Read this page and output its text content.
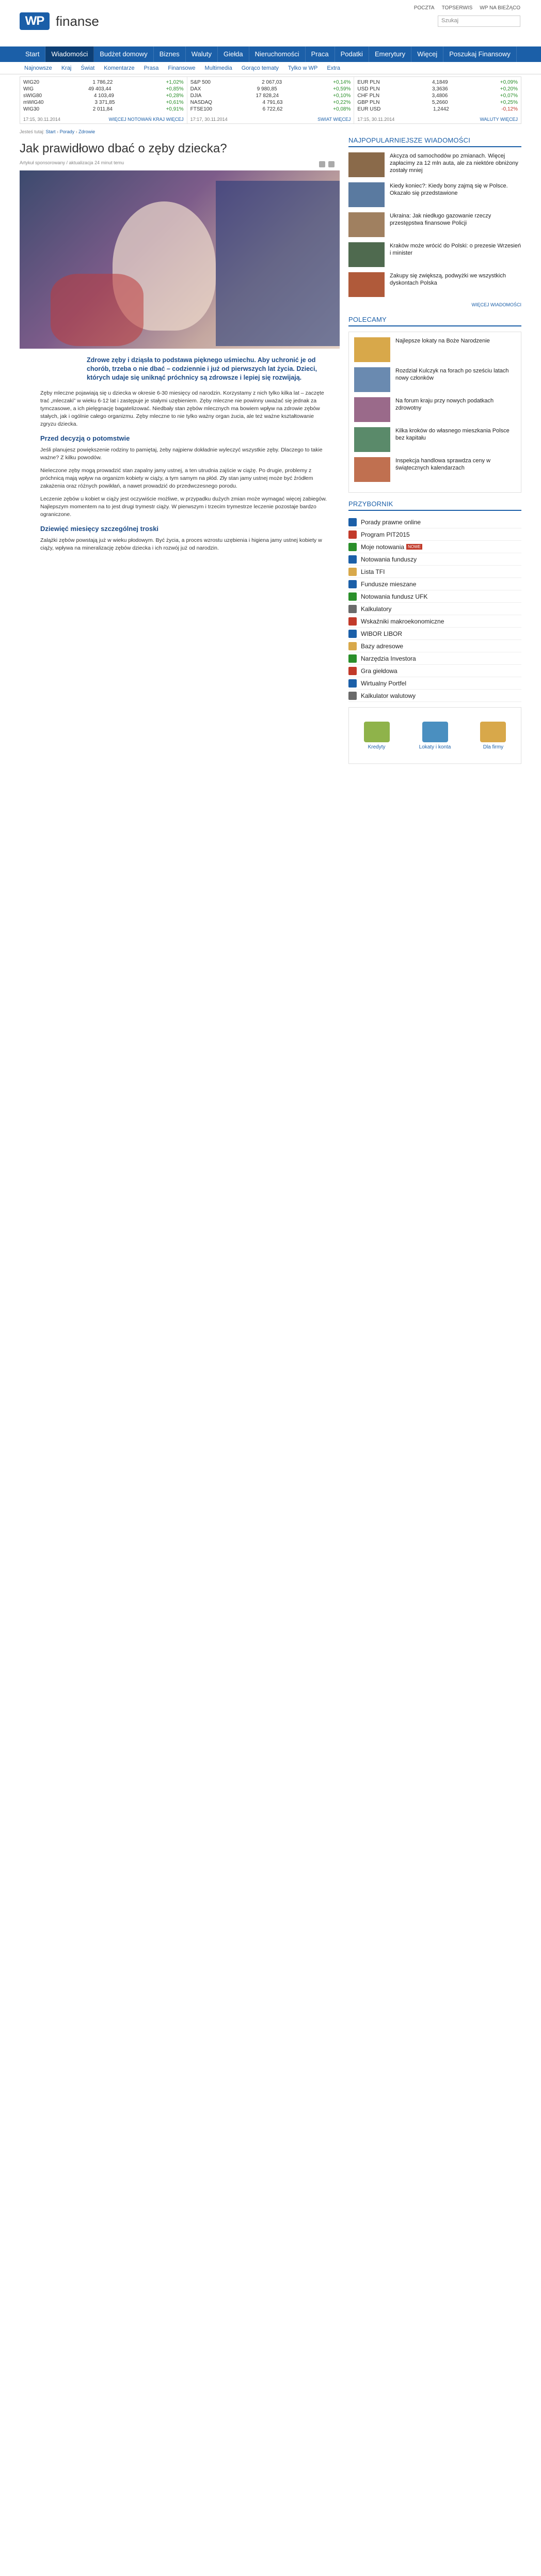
WP finanse
POCZTA TOPSERWIS WP NA BIEŻĄCO
Szukaj
Start	Wiadomości	Budżet domowy	Biznes	Waluty	Giełda	Nieruchomości	Praca	Podatki	Emerytury	Więcej	Poszukaj Finansowy
Najnowsze	Kraj	Świat	Komentarze	Prasa	Finansowe	Multimedia	Gorąco tematy	Tylko w WP	Extra
WIG20	1 786,22	+1,02%
WIG	49 403,44	+0,85%
sWIG80	4 103,49	+0,28%
mWIG40	3 371,85	+0,61%
WIG30	2 011,84	+0,91%
17:15, 30.11.2014	WIĘCEJ NOTOWAŃ KRAJ WIĘCEJ
S&P 500	2 067,03	+0,14%
DAX	9 980,85	+0,59%
DJIA	17 828,24	+0,10%
NASDAQ	4 791,63	+0,22%
FTSE100	6 722,62	+0,08%
17:17, 30.11.2014	SWIAT WIĘCEJ
EUR PLN	4,1849	+0,09%
USD PLN	3,3636	+0,20%
CHF PLN	3,4806	+0,07%
GBP PLN	5,2660	+0,25%
EUR USD	1,2442	-0,12%
17:15, 30.11.2014	WALUTY WIĘCEJ
Jesteś tutaj: Start › Porady › Zdrowie
Jak prawidłowo dbać o zęby dziecka?
Artykuł sponsorowany / aktualizacja 24 minut temu
Zdrowe zęby i dziąsła to podstawa pięknego uśmiechu. Aby uchronić je od chorób, trzeba o nie dbać – codziennie i już od pierwszych lat życia. Dzieci, których udaje się uniknąć próchnicy są zdrowsze i lepiej się rozwijają.

Zęby mleczne pojawiają się u dziecka w okresie 6-30 miesięcy od narodzin. Korzystamy z nich tylko kilka lat – zaczęte trać „mleczaki” w wieku 6-12 lat i zastępuje je stałymi uzębieniem. Zęby mleczne nie powinny uważać się jednak za tymczasowe, a ich pielęgnację bagatelizować. Niedbały stan zębów mlecznych ma bowiem wpływ na zdrowie zębów stałych, jak i ogólnie całego organizmu. Zęby mleczne to nie tylko ważny organ żucia, ale też ważne kształtowanie zgryzu dziecka.

Przed decyzją o potomstwie

Jeśli planujesz powiększenie rodziny to pamiętaj, żeby najpierw dokładnie wyleczyć wszystkie zęby. Dlaczego to takie ważne? Z kilku powodów.

Nieleczone zęby mogą prowadzić stan zapalny jamy ustnej, a ten utrudnia zajście w ciążę. Po drugie, problemy z próchnicą mają wpływ na organizm kobiety w ciąży, a tym samym na płód. Zły stan jamy ustnej może być źródłem zakażenia oraz różnych powikłań, a nawet prowadzić do przedwczesnego porodu.

Leczenie zębów u kobiet w ciąży jest oczywiście możliwe, w przypadku dużych zmian może wymagać więcej zabiegów. Najlepszym momentem na to jest drugi trymestr ciąży. W pierwszym i trzecim trymestrze leczenie pozostaje bardzo ograniczone.

Dziewięć miesięcy szczególnej troski

Zalążki zębów powstają już w wieku płodowym. Być życia, a proces wzrostu uzębienia i higiena jamy ustnej kobiety w ciąży, wpływa na mineralizację zębów dziecka i ich rozwój już od narodzin.

NAJPOPULARNIEJSZE WIADOMOŚCI
Akcyza od samochodów po zmianach. Więcej zapłacimy za 12 mln auta, ale za niektóre obniżony zostały mniej
Kiedy koniec?: Kiedy bony zajmą się w Polsce. Okazało się przedstawione
Ukraina: Jak niedługo gazowanie rzeczy przestępstwa finansowe Policji
Kraków może wrócić do Polski: o prezesie Wrzesień i minister
Zakupy się zwiększą, podwyżki we wszystkich dyskontach Polska
WIĘCEJ WIADOMOŚCI
POLECAMY
Najlepsze lokaty na Boże Narodzenie
Rozdział Kulczyk na forach po sześciu latach nowy członków
Na forum kraju przy nowych podatkach zdrowotny
Kilka kroków do własnego mieszkania Polsce bez kapitału
Inspekcja handlowa sprawdza ceny w świątecznych kalendarzach
PRZYBORNIK
Porady prawne online
Program PIT2015
Moje notowania NOWE
Notowania funduszy
Lista TFI
Fundusze mieszane
Notowania fundusz UFK
Kalkulatory
Wskaźniki makroekonomiczne
WIBOR LIBOR
Bazy adresowe
Narzędzia Investora
Gra giełdowa
Wirtualny Portfel
Kalkulator walutowy
Kredyty	Lokaty i konta	Dla firmy
